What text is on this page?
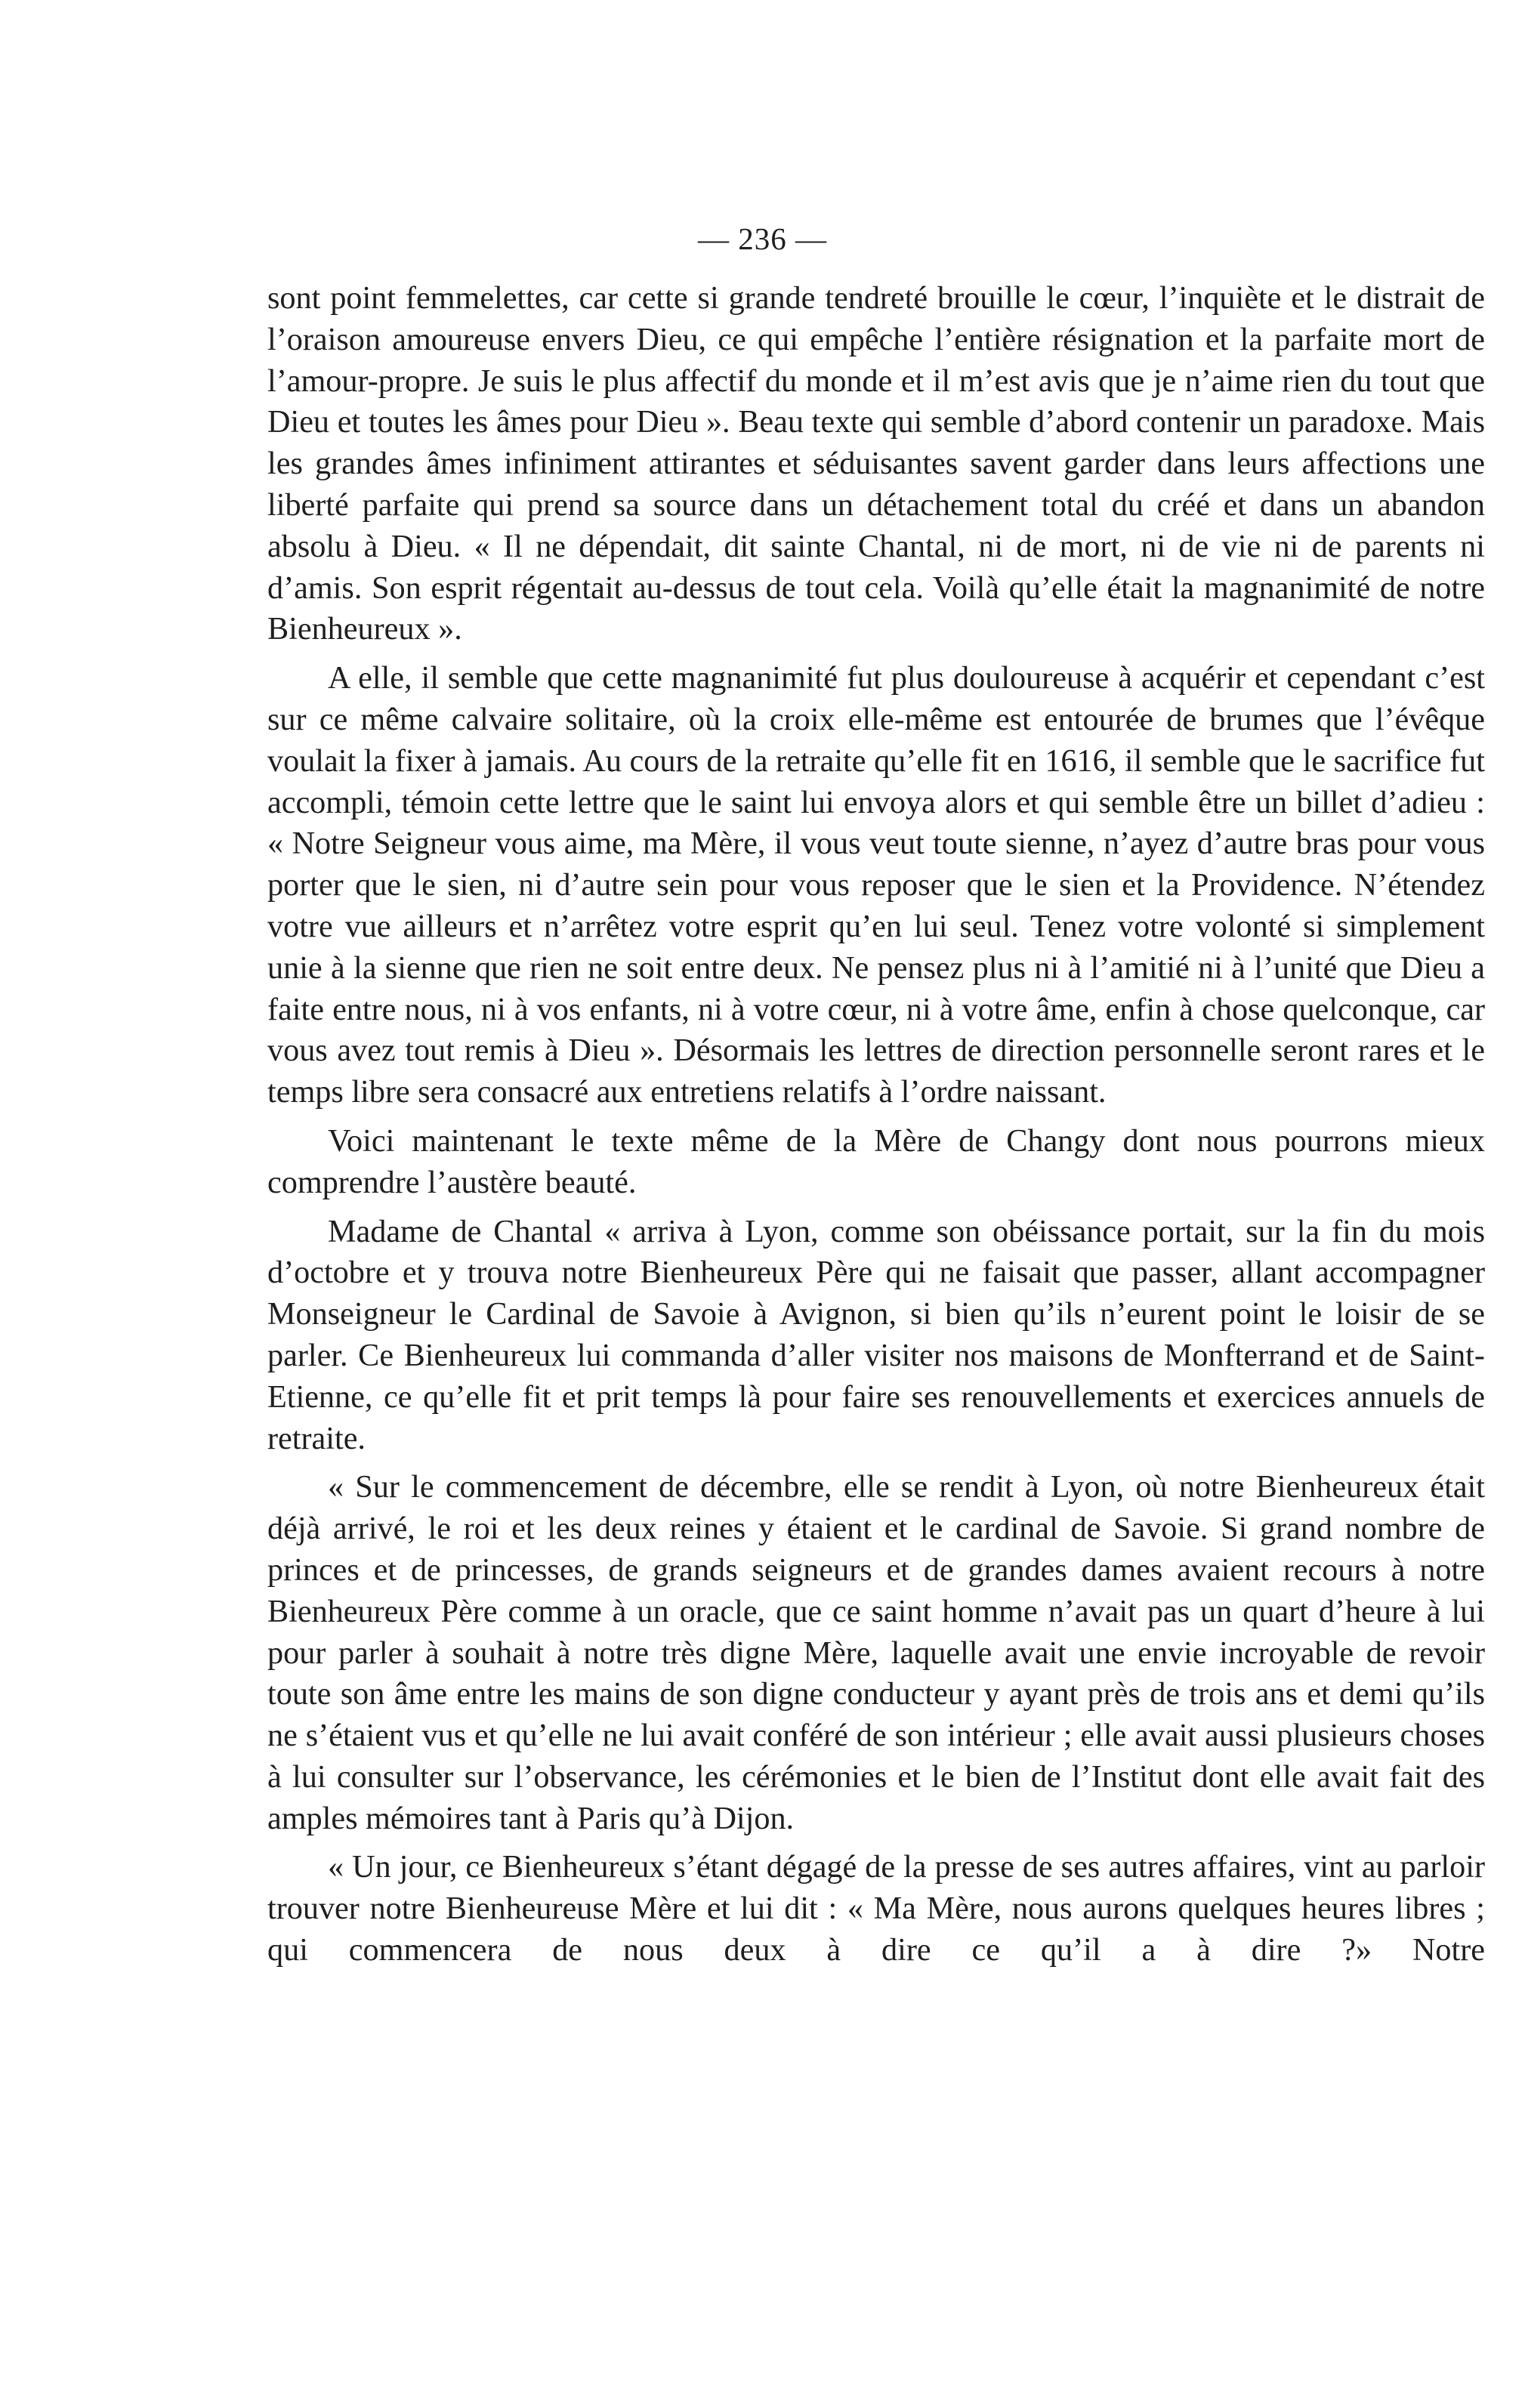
— 236 —

sont point femmelettes, car cette si grande tendreté brouille le cœur, l’inquiète et le distrait de l’oraison amoureuse envers Dieu, ce qui empêche l’entière résignation et la parfaite mort de l’amour-propre. Je suis le plus affectif du monde et il m’est avis que je n’aime rien du tout que Dieu et toutes les âmes pour Dieu ». Beau texte qui semble d’abord contenir un paradoxe. Mais les grandes âmes infiniment attirantes et séduisantes savent garder dans leurs affections une liberté parfaite qui prend sa source dans un détachement total du créé et dans un abandon absolu à Dieu. « Il ne dépendait, dit sainte Chantal, ni de mort, ni de vie ni de parents ni d’amis. Son esprit régentait au-dessus de tout cela. Voilà qu’elle était la magnanimité de notre Bienheureux ».

A elle, il semble que cette magnanimité fut plus douloureuse à acquérir et cependant c’est sur ce même calvaire solitaire, où la croix elle-même est entourée de brumes que l’évêque voulait la fixer à jamais. Au cours de la retraite qu’elle fit en 1616, il semble que le sacrifice fut accompli, témoin cette lettre que le saint lui envoya alors et qui semble être un billet d’adieu : « Notre Seigneur vous aime, ma Mère, il vous veut toute sienne, n’ayez d’autre bras pour vous porter que le sien, ni d’autre sein pour vous reposer que le sien et la Providence. N’étendez votre vue ailleurs et n’arrêtez votre esprit qu’en lui seul. Tenez votre volonté si simplement unie à la sienne que rien ne soit entre deux. Ne pensez plus ni à l’amitié ni à l’unité que Dieu a faite entre nous, ni à vos enfants, ni à votre cœur, ni à votre âme, enfin à chose quelconque, car vous avez tout remis à Dieu ». Désormais les lettres de direction personnelle seront rares et le temps libre sera consacré aux entretiens relatifs à l’ordre naissant.

Voici maintenant le texte même de la Mère de Changy dont nous pourrons mieux comprendre l’austère beauté.

Madame de Chantal « arriva à Lyon, comme son obéissance portait, sur la fin du mois d’octobre et y trouva notre Bienheureux Père qui ne faisait que passer, allant accompagner Monseigneur le Cardinal de Savoie à Avignon, si bien qu’ils n’eurent point le loisir de se parler. Ce Bienheureux lui commanda d’aller visiter nos maisons de Monfterrand et de Saint-Etienne, ce qu’elle fit et prit temps là pour faire ses renouvellements et exercices annuels de retraite.

« Sur le commencement de décembre, elle se rendit à Lyon, où notre Bienheureux était déjà arrivé, le roi et les deux reines y étaient et le cardinal de Savoie. Si grand nombre de princes et de princesses, de grands seigneurs et de grandes dames avaient recours à notre Bienheureux Père comme à un oracle, que ce saint homme n’avait pas un quart d’heure à lui pour parler à souhait à notre très digne Mère, laquelle avait une envie incroyable de revoir toute son âme entre les mains de son digne conducteur y ayant près de trois ans et demi qu’ils ne s’étaient vus et qu’elle ne lui avait conféré de son intérieur ; elle avait aussi plusieurs choses à lui consulter sur l’observance, les cérémonies et le bien de l’Institut dont elle avait fait des amples mémoires tant à Paris qu’à Dijon.

« Un jour, ce Bienheureux s’étant dégagé de la presse de ses autres affaires, vint au parloir trouver notre Bienheureuse Mère et lui dit : « Ma Mère, nous aurons quelques heures libres ; qui commencera de nous deux à dire ce qu’il a à dire ?» Notre
